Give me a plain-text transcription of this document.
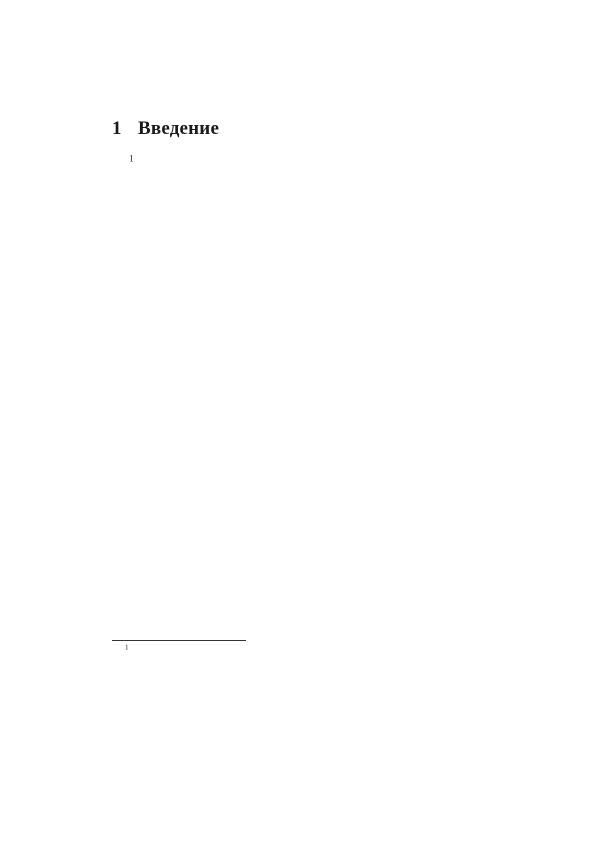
1 Введение

$^1$

$^1$
